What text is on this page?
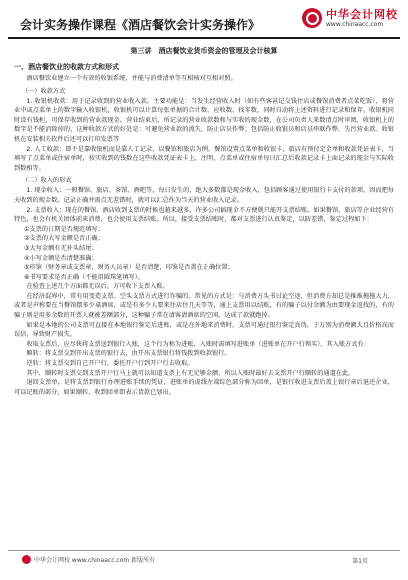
会计实务操作课程《酒店餐饮会计实务操作》
中华会计网校
www.chinaacc.com
第三讲　酒店餐饮业货币资金的管理及会计核算
一、酒店餐饮业的收款方式和形式

酒店餐饮业建立一个有效的收银系统，并能与消费清单等互相核对互相对照。

（一）收款方式

1. 收银机收款：用于记录收到的营业收入款。主要功能是：当发生经营收入时（如有些客甚记交钱住店或餐馆消费者点菜吃饭），将营业中或点菜单上的数字输入收银机，收银机可以计算每张单据的合计数、应收数、找零数，同时自动将上述资料进行记录和保存。收银机同时设有钱柜，可保存收到的营业款现金。营业结束后，所记录的营业收款数和与实收的现金数，在公司负责人来数清点时审阅，收银机上的数字是不能消除掉的，这种收款方式的好处是：可避免营业款的流失，防止店员作弊；包括防止收银员和店员串联作弊，失污营业款。收银机在安装相关软件后还可以打印发票等

2. 人工收款：即不是靠收银机而是靠人工记录，以餐馆和旅店为例，餐馆设置点菜单和收银卡，旅店有预付定金单和收款凭证表卡，当填写了点菜单或住宿单时，按实收到的钱数在这些收款凭证表卡上，注明、点菜单或住宿单每日汇总后收款记录卡上面记录的现金与实际收到数相等。

（二）收入的形式

1. 现金收入：一般餐馆、旅店、茶馆、酒吧等，每日发生的，绝大多数都是现金收入，包括顾客通过使用银行卡支付的款项。因而把每天收到的现金数，记录正确并需点无差错时，就可以汇总作为当天的营业收入记录。

2. 支票收入：现在的餐馆、酒店收到支票的时候也越来越多，许多公司搞现金不方便就只能开支票结账。如果餐馆、旅店等企业经营有特色，也会有机关团体前来消费，也会使用支票结账。所以，接受支票结账时，都对支票进行认真鉴定，以防差错，鉴定过程如下：

①支票的日期是否规范填写；
②支票的大写金额是否正确；
③大写金额有无补头结尾；
④小写金额是否清楚准确；
⑤印鉴（财务章或支票章、财务人员章）是否清楚，印鉴是否盖在正确位置；
⑥书写要求是否正确（不能用圆珠笔填写）。

在检查上述几个方面都无误后，方可收下支票入账。

在经济混界中，常有用变造支票、空头支票方式进行诈骗的。常见的方式是：与消费方头书讨论空途，但消费方却总是推推拖拖大力，或者是声称要在当餐馆摆多少桌酒席，或是有多少人要来住店住几天等等，通上支票用以结账，有的骗子以付余额为由要现金返找的，有的骗子则是用多余数的开票人就被差额部分，这种骗子常在请客请酒席的空闲，达成了款就跑掉。

如果是本地的公司支票可直接在本地银行鉴定后进账，或是在外地来消费时，支票可通过银行鉴定真伪，于万别为消费额大且价格高而误信，导致财产损失。

收取支票后，应尽快将支票送到银行入账，这个行为称为进账，入账时需填写进账单（进账单在开户行领买）。其入账方式有：

顺转：将支票交到开出支票的银行去，由开出支票银行将钱拨到收款银行。

逆转：将支票交到自己开户行，委托开户行到开户行去收取。

其中，顺转时支票交到支票开户行马上就可以知道支票上有无足够金额，所以入账时最好去支票开户行顺转的通道在此。

退回支票单，是将支票到银行办理进账手续的凭证，进账单的虚线左端综色部分称为回单，是银行收进支票后盖上银行章后退还企业，可以记账的部分，如果顺转，收到回单即表示货款已划出。

中华会计网校 www.chinaacc.com 新版所有	第1页
